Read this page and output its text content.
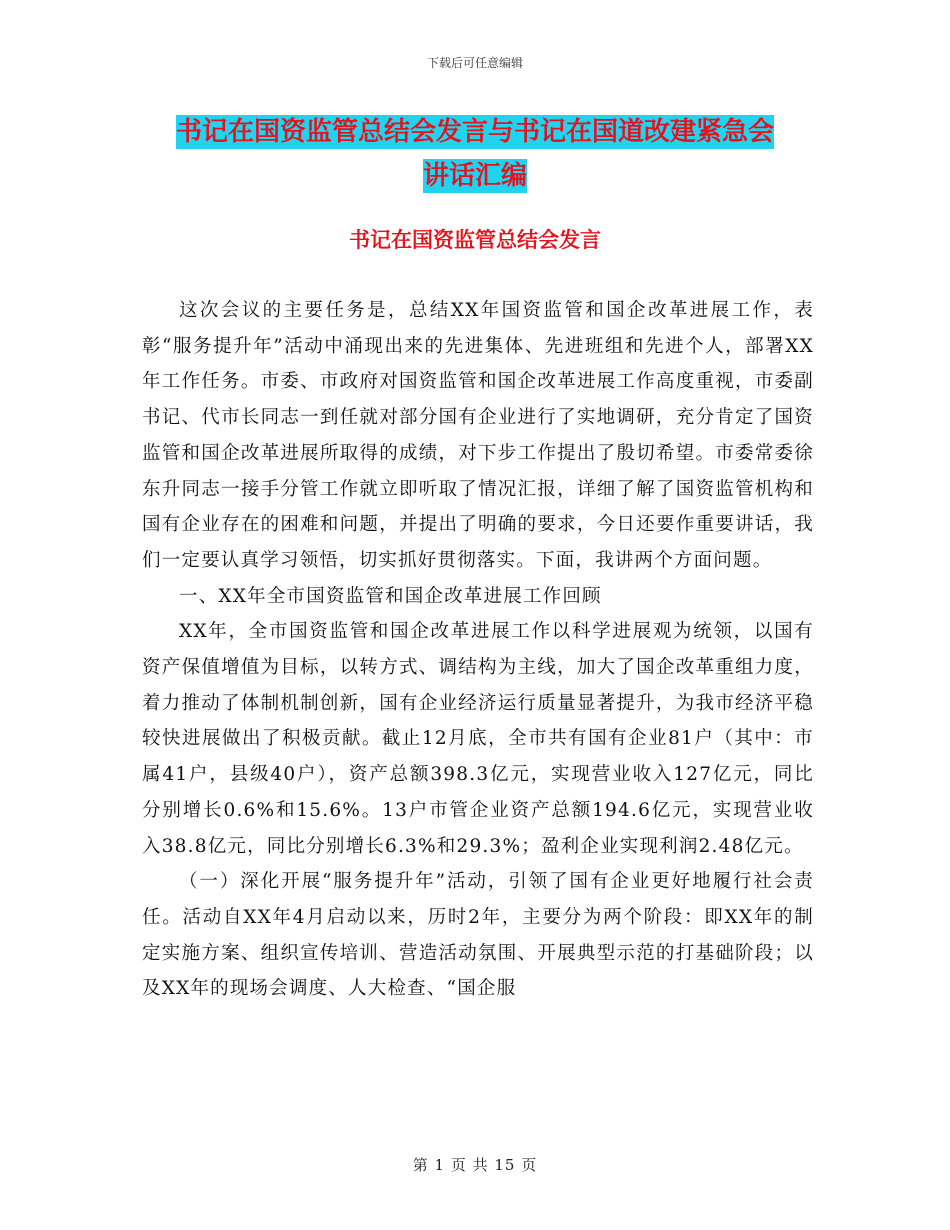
下载后可任意编辑
书记在国资监管总结会发言与书记在国道改建紧急会
讲话汇编
书记在国资监管总结会发言

这次会议的主要任务是，总结XX年国资监管和国企改革进展工作，表彰“服务提升年”活动中涌现出来的先进集体、先进班组和先进个人，部署XX年工作任务。市委、市政府对国资监管和国企改革进展工作高度重视，市委副书记、代市长同志一到任就对部分国有企业进行了实地调研，充分肯定了国资监管和国企改革进展所取得的成绩，对下步工作提出了殷切希望。市委常委徐东升同志一接手分管工作就立即听取了情况汇报，详细了解了国资监管机构和国有企业存在的困难和问题，并提出了明确的要求，今日还要作重要讲话，我们一定要认真学习领悟，切实抓好贯彻落实。下面，我讲两个方面问题。

一、XX年全市国资监管和国企改革进展工作回顾

XX年，全市国资监管和国企改革进展工作以科学进展观为统领，以国有资产保值增值为目标，以转方式、调结构为主线，加大了国企改革重组力度，着力推动了体制机制创新，国有企业经济运行质量显著提升，为我市经济平稳较快进展做出了积极贡献。截止12月底，全市共有国有企业81户（其中：市属41户，县级40户），资产总额398.3亿元，实现营业收入127亿元，同比分别增长0.6%和15.6%。13户市管企业资产总额194.6亿元，实现营业收入38.8亿元，同比分别增长6.3%和29.3%；盈利企业实现利润2.48亿元。

（一）深化开展“服务提升年”活动，引领了国有企业更好地履行社会责任。活动自XX年4月启动以来，历时2年，主要分为两个阶段：即XX年的制定实施方案、组织宣传培训、营造活动氛围、开展典型示范的打基础阶段；以及XX年的现场会调度、人大检查、“国企服

第 1 页 共 15 页
